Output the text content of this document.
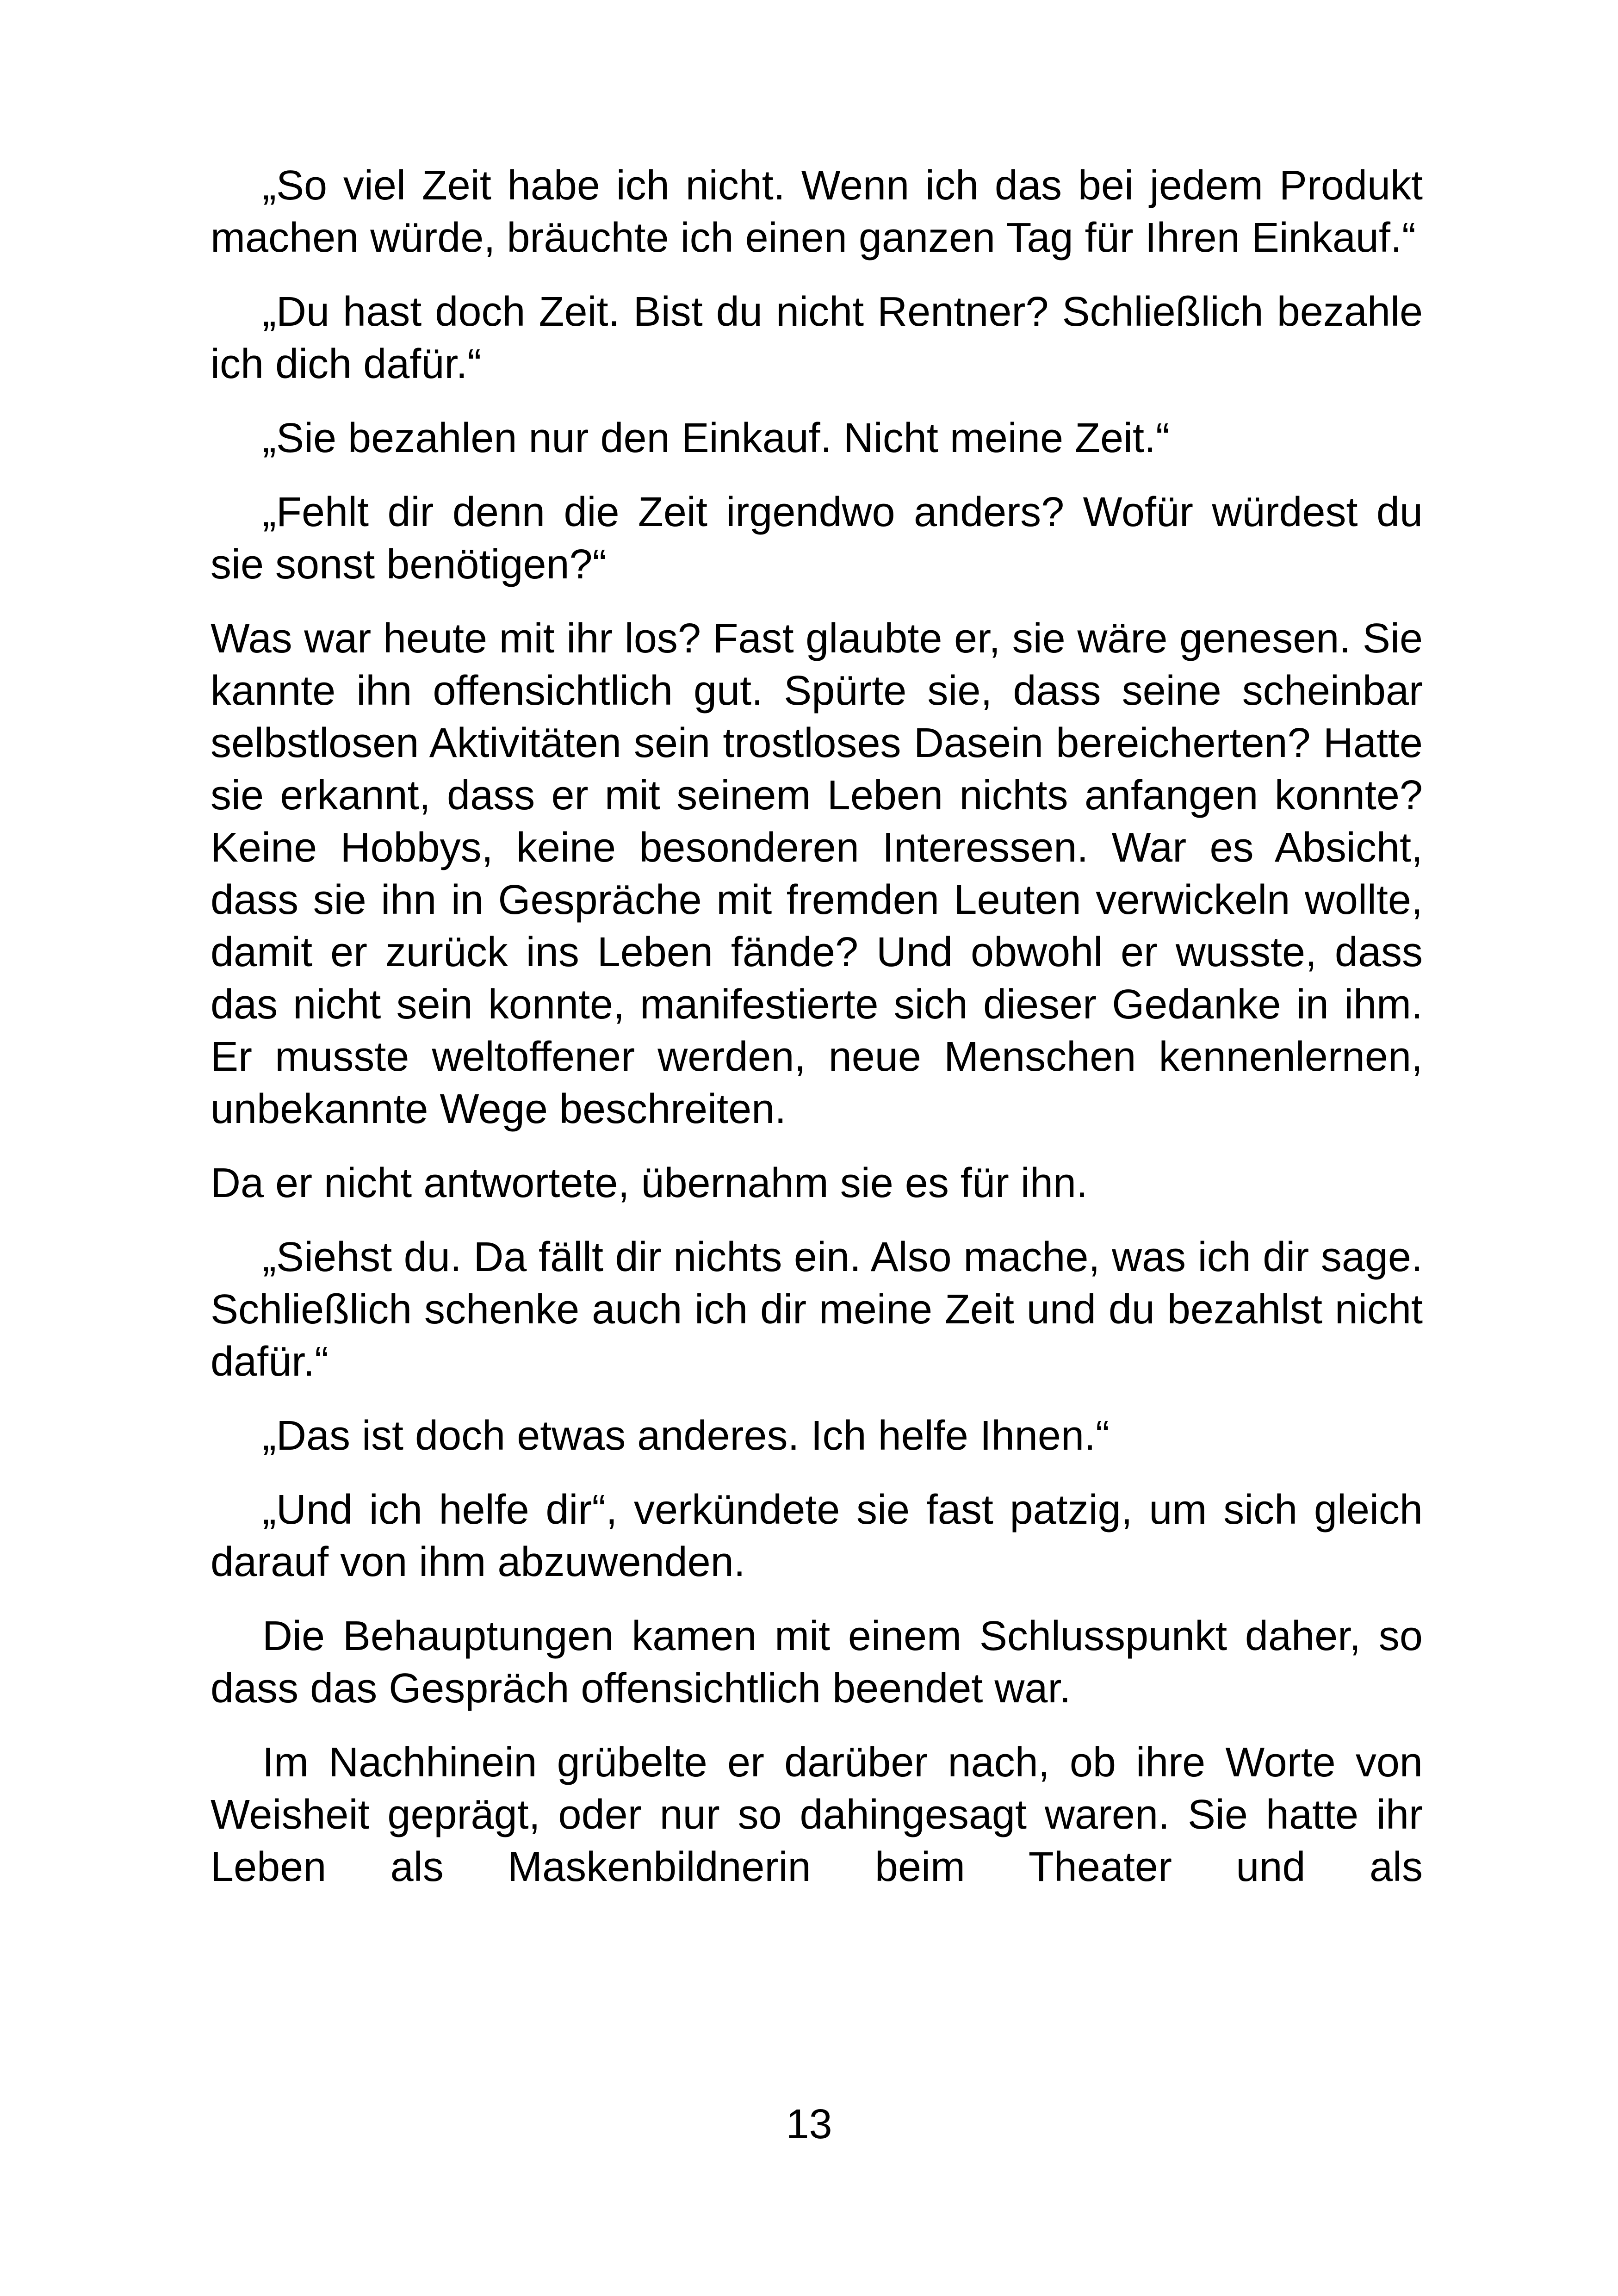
„So viel Zeit habe ich nicht. Wenn ich das bei jedem Produkt machen würde, bräuchte ich einen ganzen Tag für Ihren Einkauf.“

„Du hast doch Zeit. Bist du nicht Rentner? Schließlich bezahle ich dich dafür.“

„Sie bezahlen nur den Einkauf. Nicht meine Zeit.“

„Fehlt dir denn die Zeit irgendwo anders? Wofür würdest du sie sonst benötigen?“

Was war heute mit ihr los? Fast glaubte er, sie wäre genesen. Sie kannte ihn offensichtlich gut. Spürte sie, dass seine scheinbar selbstlosen Aktivitäten sein trostloses Dasein bereicherten? Hatte sie erkannt, dass er mit seinem Leben nichts anfangen konnte? Keine Hobbys, keine besonderen Interessen. War es Absicht, dass sie ihn in Gespräche mit fremden Leuten verwickeln wollte, damit er zurück ins Leben fände? Und obwohl er wusste, dass das nicht sein konnte, manifestierte sich dieser Gedanke in ihm. Er musste weltoffener werden, neue Menschen kennenlernen, unbekannte Wege beschreiten.

Da er nicht antwortete, übernahm sie es für ihn.

„Siehst du. Da fällt dir nichts ein. Also mache, was ich dir sage. Schließlich schenke auch ich dir meine Zeit und du bezahlst nicht dafür.“

„Das ist doch etwas anderes. Ich helfe Ihnen.“

„Und ich helfe dir“, verkündete sie fast patzig, um sich gleich darauf von ihm abzuwenden.

Die Behauptungen kamen mit einem Schlusspunkt daher, so dass das Gespräch offensichtlich beendet war.

Im Nachhinein grübelte er darüber nach, ob ihre Worte von Weisheit geprägt, oder nur so dahingesagt waren. Sie hatte ihr Leben als Maskenbildnerin beim Theater und als

13
